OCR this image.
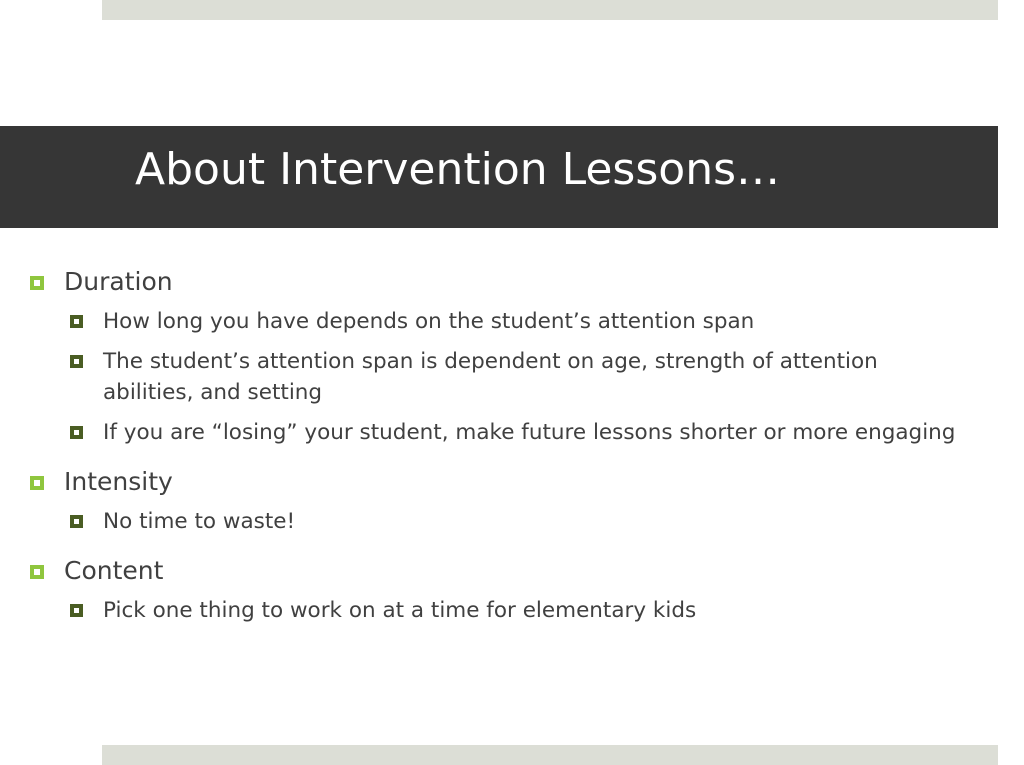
About Intervention Lessons…
Duration
How long you have depends on the student’s attention span
The student’s attention span is dependent on age, strength of attention abilities, and setting
If you are “losing” your student, make future lessons shorter or more engaging
Intensity
No time to waste!
Content
Pick one thing to work on at a time for elementary kids
